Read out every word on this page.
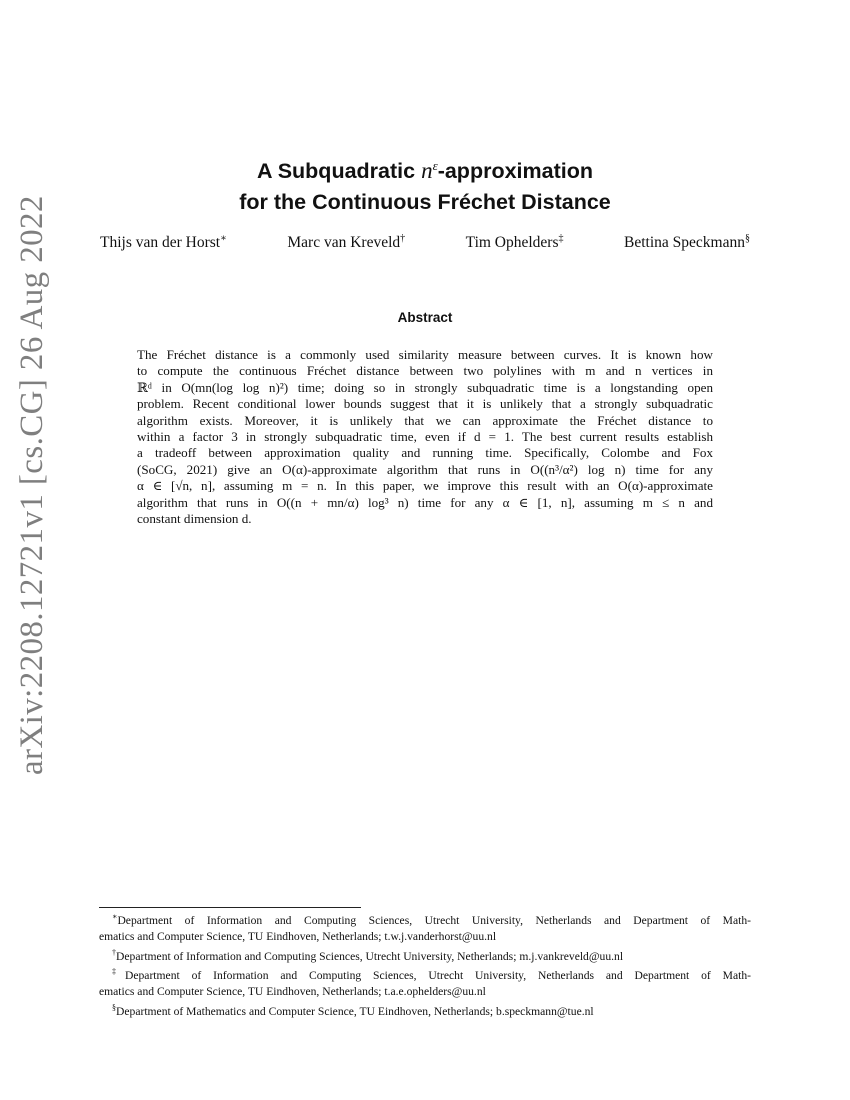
arXiv:2208.12721v1 [cs.CG] 26 Aug 2022
A Subquadratic $n^\varepsilon$-approximation
for the Continuous Fréchet Distance
Thijs van der Horst∗	Marc van Kreveld†	Tim Ophelders‡	Bettina Speckmann§
Abstract
The Fréchet distance is a commonly used similarity measure between curves. It is known how
to compute the continuous Fréchet distance between two polylines with m and n vertices in
ℝᵈ in O(mn(log log n)²) time; doing so in strongly subquadratic time is a longstanding open
problem. Recent conditional lower bounds suggest that it is unlikely that a strongly subquadratic
algorithm exists. Moreover, it is unlikely that we can approximate the Fréchet distance to
within a factor 3 in strongly subquadratic time, even if d = 1. The best current results establish
a tradeoff between approximation quality and running time. Specifically, Colombe and Fox
(SoCG, 2021) give an O(α)-approximate algorithm that runs in O((n³/α²) log n) time for any
α ∈ [√n, n], assuming m = n. In this paper, we improve this result with an O(α)-approximate
algorithm that runs in O((n + mn/α) log³ n) time for any α ∈ [1, n], assuming m ≤ n and
constant dimension d.
∗Department of Information and Computing Sciences, Utrecht University, Netherlands and Department of Math-
ematics and Computer Science, TU Eindhoven, Netherlands; t.w.j.vanderhorst@uu.nl
†Department of Information and Computing Sciences, Utrecht University, Netherlands; m.j.vankreveld@uu.nl
‡Department of Information and Computing Sciences, Utrecht University, Netherlands and Department of Math-
ematics and Computer Science, TU Eindhoven, Netherlands; t.a.e.ophelders@uu.nl
§Department of Mathematics and Computer Science, TU Eindhoven, Netherlands; b.speckmann@tue.nl
